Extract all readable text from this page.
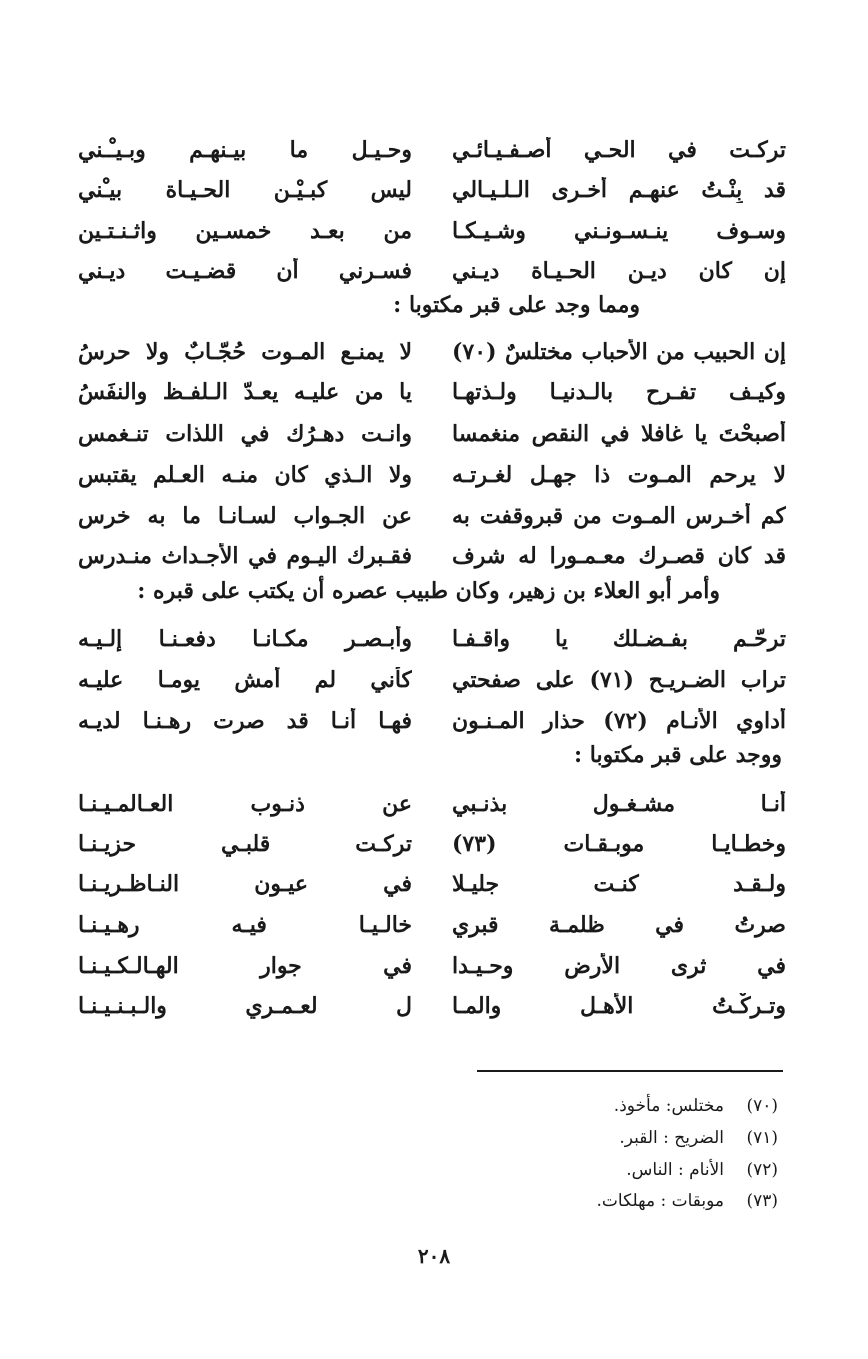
تركـت في الحـي أصـفـيـائـي
وحـيـل ما بيـنهـم وبـيـْـني
قد بِنْـتُ عنهـم أخـرى الـلـيـالي
ليس كبـيْـن الحـيـاة بيـْني
وسـوف ينـسـونـني وشـيـكـا
من بعـد خمسـين واثـنـتـين
إن كان ديـن الحـيـاة ديـني
فسـرني أن قضـيـت ديـني
ومما وجد على قبر مكتوبا :
إن الحبيب من الأحباب مختلسٌ (٧٠)
لا يمنـع المـوت حُجّـابٌ ولا حرسُ
وكيـف تفـرح بالـدنيـا ولـذتهـا
يا من عليـه يعـدّ الـلفـظ والنفَسُ
أصبحْتَ يا غافلا في النقص منغمسا
وانـت دهـرُك في اللذات تنـغمس
لا يرحم المـوت ذا جهـل لغـرتـه
ولا الـذي كان منـه العـلم يقتبس
كم أخـرس المـوت من قبروقفت به
عن الجـواب لسـانـا ما به خرس
قد كان قصـرك معـمـورا له شرف
فقـبرك اليـوم في الأجـداث منـدرس
وأمر أبو العلاء بن زهير، وكان طبيب عصره أن يكتب على قبره :
ترحّـم بفـضـلك يا واقـفـا
وأبـصـر مكـانـا دفعـنـا إلـيـه
تراب الضـريـح (٧١) على صفحتي
كأني لم أمش يومـا عليـه
أداوي الأنـام (٧٢) حذار المـنـون
فهـا أنـا قد صرت رهـنـا لديـه
ووجد على قبر مكتوبا :
أنـا مشـغـول بذنـبي
عن ذنـوب العـالمـيـنـا
وخطـايـا موبـقـات (٧٣)
تركـت قلبـي حزيـنـا
ولـقـد كنـت جليـلا
في عيـون النـاظـريـنـا
صرتُ في ظلمـة قبري
خالـيـا فيـه رهـيـنـا
في ثرى الأرض وحـيـدا
في جوار الهـالـكـيـنـا
وتـركْـتُ الأهـل والمـا
ل لعـمـري والـبـنـيـنـا
(٧٠)مختلس: مأخوذ.
(٧١)الضريح : القبر.
(٧٢)الأنام : الناس.
(٧٣)موبقات : مهلكات.
٢٠٨
